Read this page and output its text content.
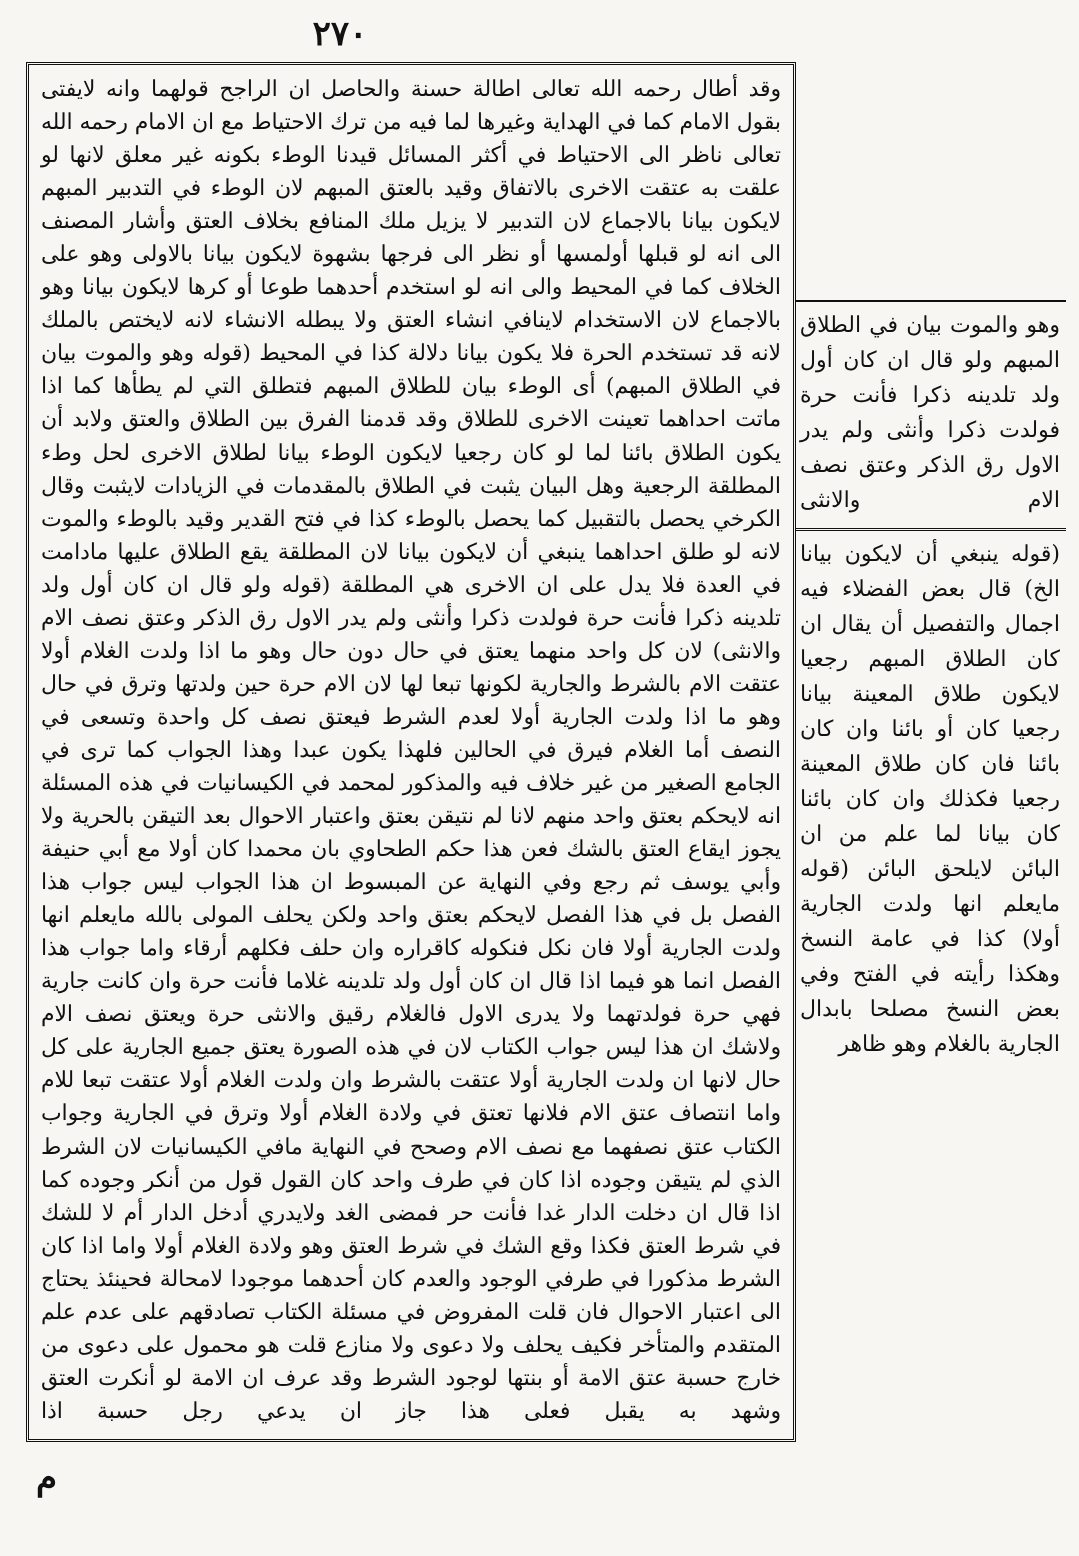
٢٧٠

وقد أطال رحمه الله تعالى اطالة حسنة والحاصل ان الراجح قولهما وانه لايفتى بقول الامام كما في الهداية وغيرها لما فيه من ترك الاحتياط مع ان الامام رحمه الله تعالى ناظر الى الاحتياط في أكثر المسائل قيدنا الوطء بكونه غير معلق لانها لو علقت به عتقت الاخرى بالاتفاق وقيد بالعتق المبهم لان الوطء في التدبير المبهم لايكون بيانا بالاجماع لان التدبير لا يزيل ملك المنافع بخلاف العتق وأشار المصنف الى انه لو قبلها أولمسها أو نظر الى فرجها بشهوة لايكون بيانا بالاولى وهو على الخلاف كما في المحيط والى انه لو استخدم أحدهما طوعا أو كرها لايكون بيانا وهو بالاجماع لان الاستخدام لاينافي انشاء العتق ولا يبطله الانشاء لانه لايختص بالملك لانه قد تستخدم الحرة فلا يكون بيانا دلالة كذا في المحيط (قوله وهو والموت بيان في الطلاق المبهم) أى الوطء بيان للطلاق المبهم فتطلق التي لم يطأها كما اذا ماتت احداهما تعينت الاخرى للطلاق وقد قدمنا الفرق بين الطلاق والعتق ولابد أن يكون الطلاق بائنا لما لو كان رجعيا لايكون الوطء بيانا لطلاق الاخرى لحل وطء المطلقة الرجعية وهل البيان يثبت في الطلاق بالمقدمات في الزيادات لايثبت وقال الكرخي يحصل بالتقبيل كما يحصل بالوطء كذا في فتح القدير وقيد بالوطء والموت لانه لو طلق احداهما ينبغي أن لايكون بيانا لان المطلقة يقع الطلاق عليها مادامت في العدة فلا يدل على ان الاخرى هي المطلقة (قوله ولو قال ان كان أول ولد تلدينه ذكرا فأنت حرة فولدت ذكرا وأنثى ولم يدر الاول رق الذكر وعتق نصف الام والانثى) لان كل واحد منهما يعتق في حال دون حال وهو ما اذا ولدت الغلام أولا عتقت الام بالشرط والجارية لكونها تبعا لها لان الام حرة حين ولدتها وترق في حال وهو ما اذا ولدت الجارية أولا لعدم الشرط فيعتق نصف كل واحدة وتسعى في النصف أما الغلام فيرق في الحالين فلهذا يكون عبدا وهذا الجواب كما ترى في الجامع الصغير من غير خلاف فيه والمذكور لمحمد في الكيسانيات في هذه المسئلة انه لايحكم بعتق واحد منهم لانا لم نتيقن بعتق واعتبار الاحوال بعد التيقن بالحرية ولا يجوز ايقاع العتق بالشك فعن هذا حكم الطحاوي بان محمدا كان أولا مع أبي حنيفة وأبي يوسف ثم رجع وفي النهاية عن المبسوط ان هذا الجواب ليس جواب هذا الفصل بل في هذا الفصل لايحكم بعتق واحد ولكن يحلف المولى بالله مايعلم انها ولدت الجارية أولا فان نكل فنكوله كاقراره وان حلف فكلهم أرقاء واما جواب هذا الفصل انما هو فيما اذا قال ان كان أول ولد تلدينه غلاما فأنت حرة وان كانت جارية فهي حرة فولدتهما ولا يدرى الاول فالغلام رقيق والانثى حرة ويعتق نصف الام ولاشك ان هذا ليس جواب الكتاب لان في هذه الصورة يعتق جميع الجارية على كل حال لانها ان ولدت الجارية أولا عتقت بالشرط وان ولدت الغلام أولا عتقت تبعا للام واما انتصاف عتق الام فلانها تعتق في ولادة الغلام أولا وترق في الجارية وجواب الكتاب عتق نصفهما مع نصف الام وصحح في النهاية مافي الكيسانيات لان الشرط الذي لم يتيقن وجوده اذا كان في طرف واحد كان القول قول من أنكر وجوده كما اذا قال ان دخلت الدار غدا فأنت حر فمضى الغد ولايدري أدخل الدار أم لا للشك في شرط العتق فكذا وقع الشك في شرط العتق وهو ولادة الغلام أولا واما اذا كان الشرط مذكورا في طرفي الوجود والعدم كان أحدهما موجودا لامحالة فحينئذ يحتاج الى اعتبار الاحوال فان قلت المفروض في مسئلة الكتاب تصادقهم على عدم علم المتقدم والمتأخر فكيف يحلف ولا دعوى ولا منازع قلت هو محمول على دعوى من خارج حسبة عتق الامة أو بنتها لوجود الشرط وقد عرف ان الامة لو أنكرت العتق وشهد به يقبل فعلى هذا جاز ان يدعي رجل حسبة اذا

وهو والموت بيان في الطلاق المبهم ولو قال ان كان أول ولد تلدينه ذكرا فأنت حرة فولدت ذكرا وأنثى ولم يدر الاول رق الذكر وعتق نصف الام والانثى
(قوله ينبغي أن لايكون بيانا الخ) قال بعض الفضلاء فيه اجمال والتفصيل أن يقال ان كان الطلاق المبهم رجعيا لايكون طلاق المعينة بيانا رجعيا كان أو بائنا وان كان بائنا فان كان طلاق المعينة رجعيا فكذلك وان كان بائنا كان بيانا لما علم من ان البائن لايلحق البائن (قوله مايعلم انها ولدت الجارية أولا) كذا في عامة النسخ وهكذا رأيته في الفتح وفي بعض النسخ مصلحا بابدال الجارية بالغلام وهو ظاهر
م
